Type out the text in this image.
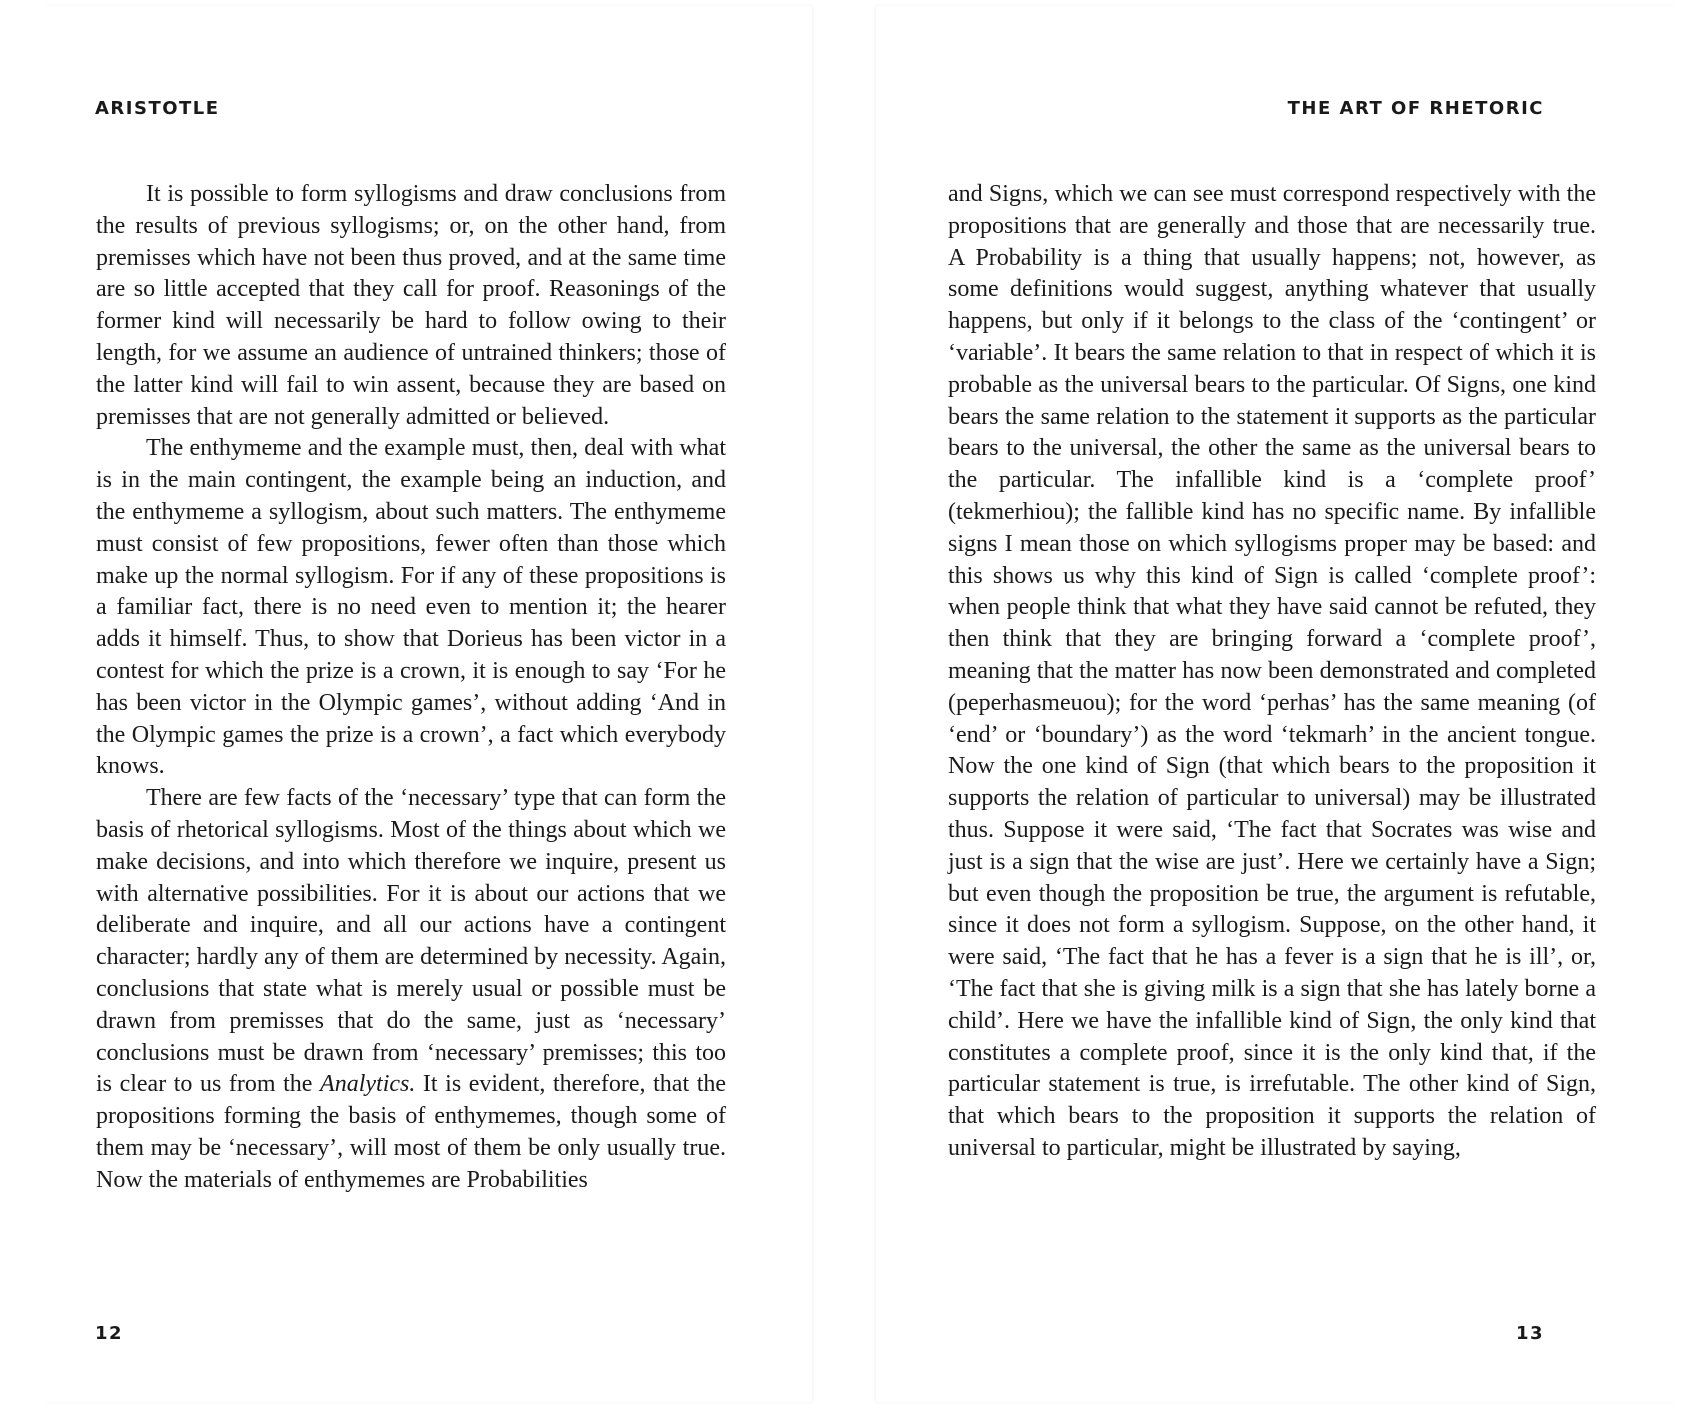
ARISTOTLE

It is possible to form syllogisms and draw conclusions from the results of previous syllogisms; or, on the other hand, from premisses which have not been thus proved, and at the same time are so little accepted that they call for proof. Reasonings of the former kind will necessarily be hard to follow owing to their length, for we assume an audience of untrained thinkers; those of the latter kind will fail to win assent, because they are based on premisses that are not generally admitted or believed.

The enthymeme and the example must, then, deal with what is in the main contingent, the example being an induction, and the enthymeme a syllogism, about such matters. The enthymeme must consist of few propositions, fewer often than those which make up the normal syllogism. For if any of these propositions is a familiar fact, there is no need even to mention it; the hearer adds it himself. Thus, to show that Dorieus has been victor in a contest for which the prize is a crown, it is enough to say ‘For he has been victor in the Olympic games’, without adding ‘And in the Olympic games the prize is a crown’, a fact which everybody knows.

There are few facts of the ‘necessary’ type that can form the basis of rhetorical syllogisms. Most of the things about which we make decisions, and into which therefore we inquire, present us with alternative possibilities. For it is about our actions that we deliberate and inquire, and all our actions have a contingent character; hardly any of them are determined by necessity. Again, conclusions that state what is merely usual or possible must be drawn from premisses that do the same, just as ‘necessary’ conclusions must be drawn from ‘necessary’ premisses; this too is clear to us from the Analytics. It is evident, therefore, that the propositions forming the basis of enthymemes, though some of them may be ‘necessary’, will most of them be only usually true. Now the materials of enthymemes are Probabilities

12
THE ART OF RHETORIC

and Signs, which we can see must correspond respectively with the propositions that are generally and those that are necessarily true. A Probability is a thing that usually happens; not, however, as some definitions would suggest, anything whatever that usually happens, but only if it belongs to the class of the ‘contingent’ or ‘variable’. It bears the same relation to that in respect of which it is probable as the universal bears to the particular. Of Signs, one kind bears the same relation to the statement it supports as the particular bears to the universal, the other the same as the universal bears to the particular. The infallible kind is a ‘complete proof’ (tekmerhiou); the fallible kind has no specific name. By infallible signs I mean those on which syllogisms proper may be based: and this shows us why this kind of Sign is called ‘complete proof’: when people think that what they have said cannot be refuted, they then think that they are bringing forward a ‘complete proof’, meaning that the matter has now been demonstrated and completed (peperhasmeuou); for the word ‘perhas’ has the same meaning (of ‘end’ or ‘boundary’) as the word ‘tekmarh’ in the ancient tongue. Now the one kind of Sign (that which bears to the proposition it supports the relation of particular to universal) may be illustrated thus. Suppose it were said, ‘The fact that Socrates was wise and just is a sign that the wise are just’. Here we certainly have a Sign; but even though the proposition be true, the argument is refutable, since it does not form a syllogism. Suppose, on the other hand, it were said, ‘The fact that he has a fever is a sign that he is ill’, or, ‘The fact that she is giving milk is a sign that she has lately borne a child’. Here we have the infallible kind of Sign, the only kind that constitutes a complete proof, since it is the only kind that, if the particular statement is true, is irrefutable. The other kind of Sign, that which bears to the proposition it supports the relation of universal to particular, might be illustrated by saying,

13
